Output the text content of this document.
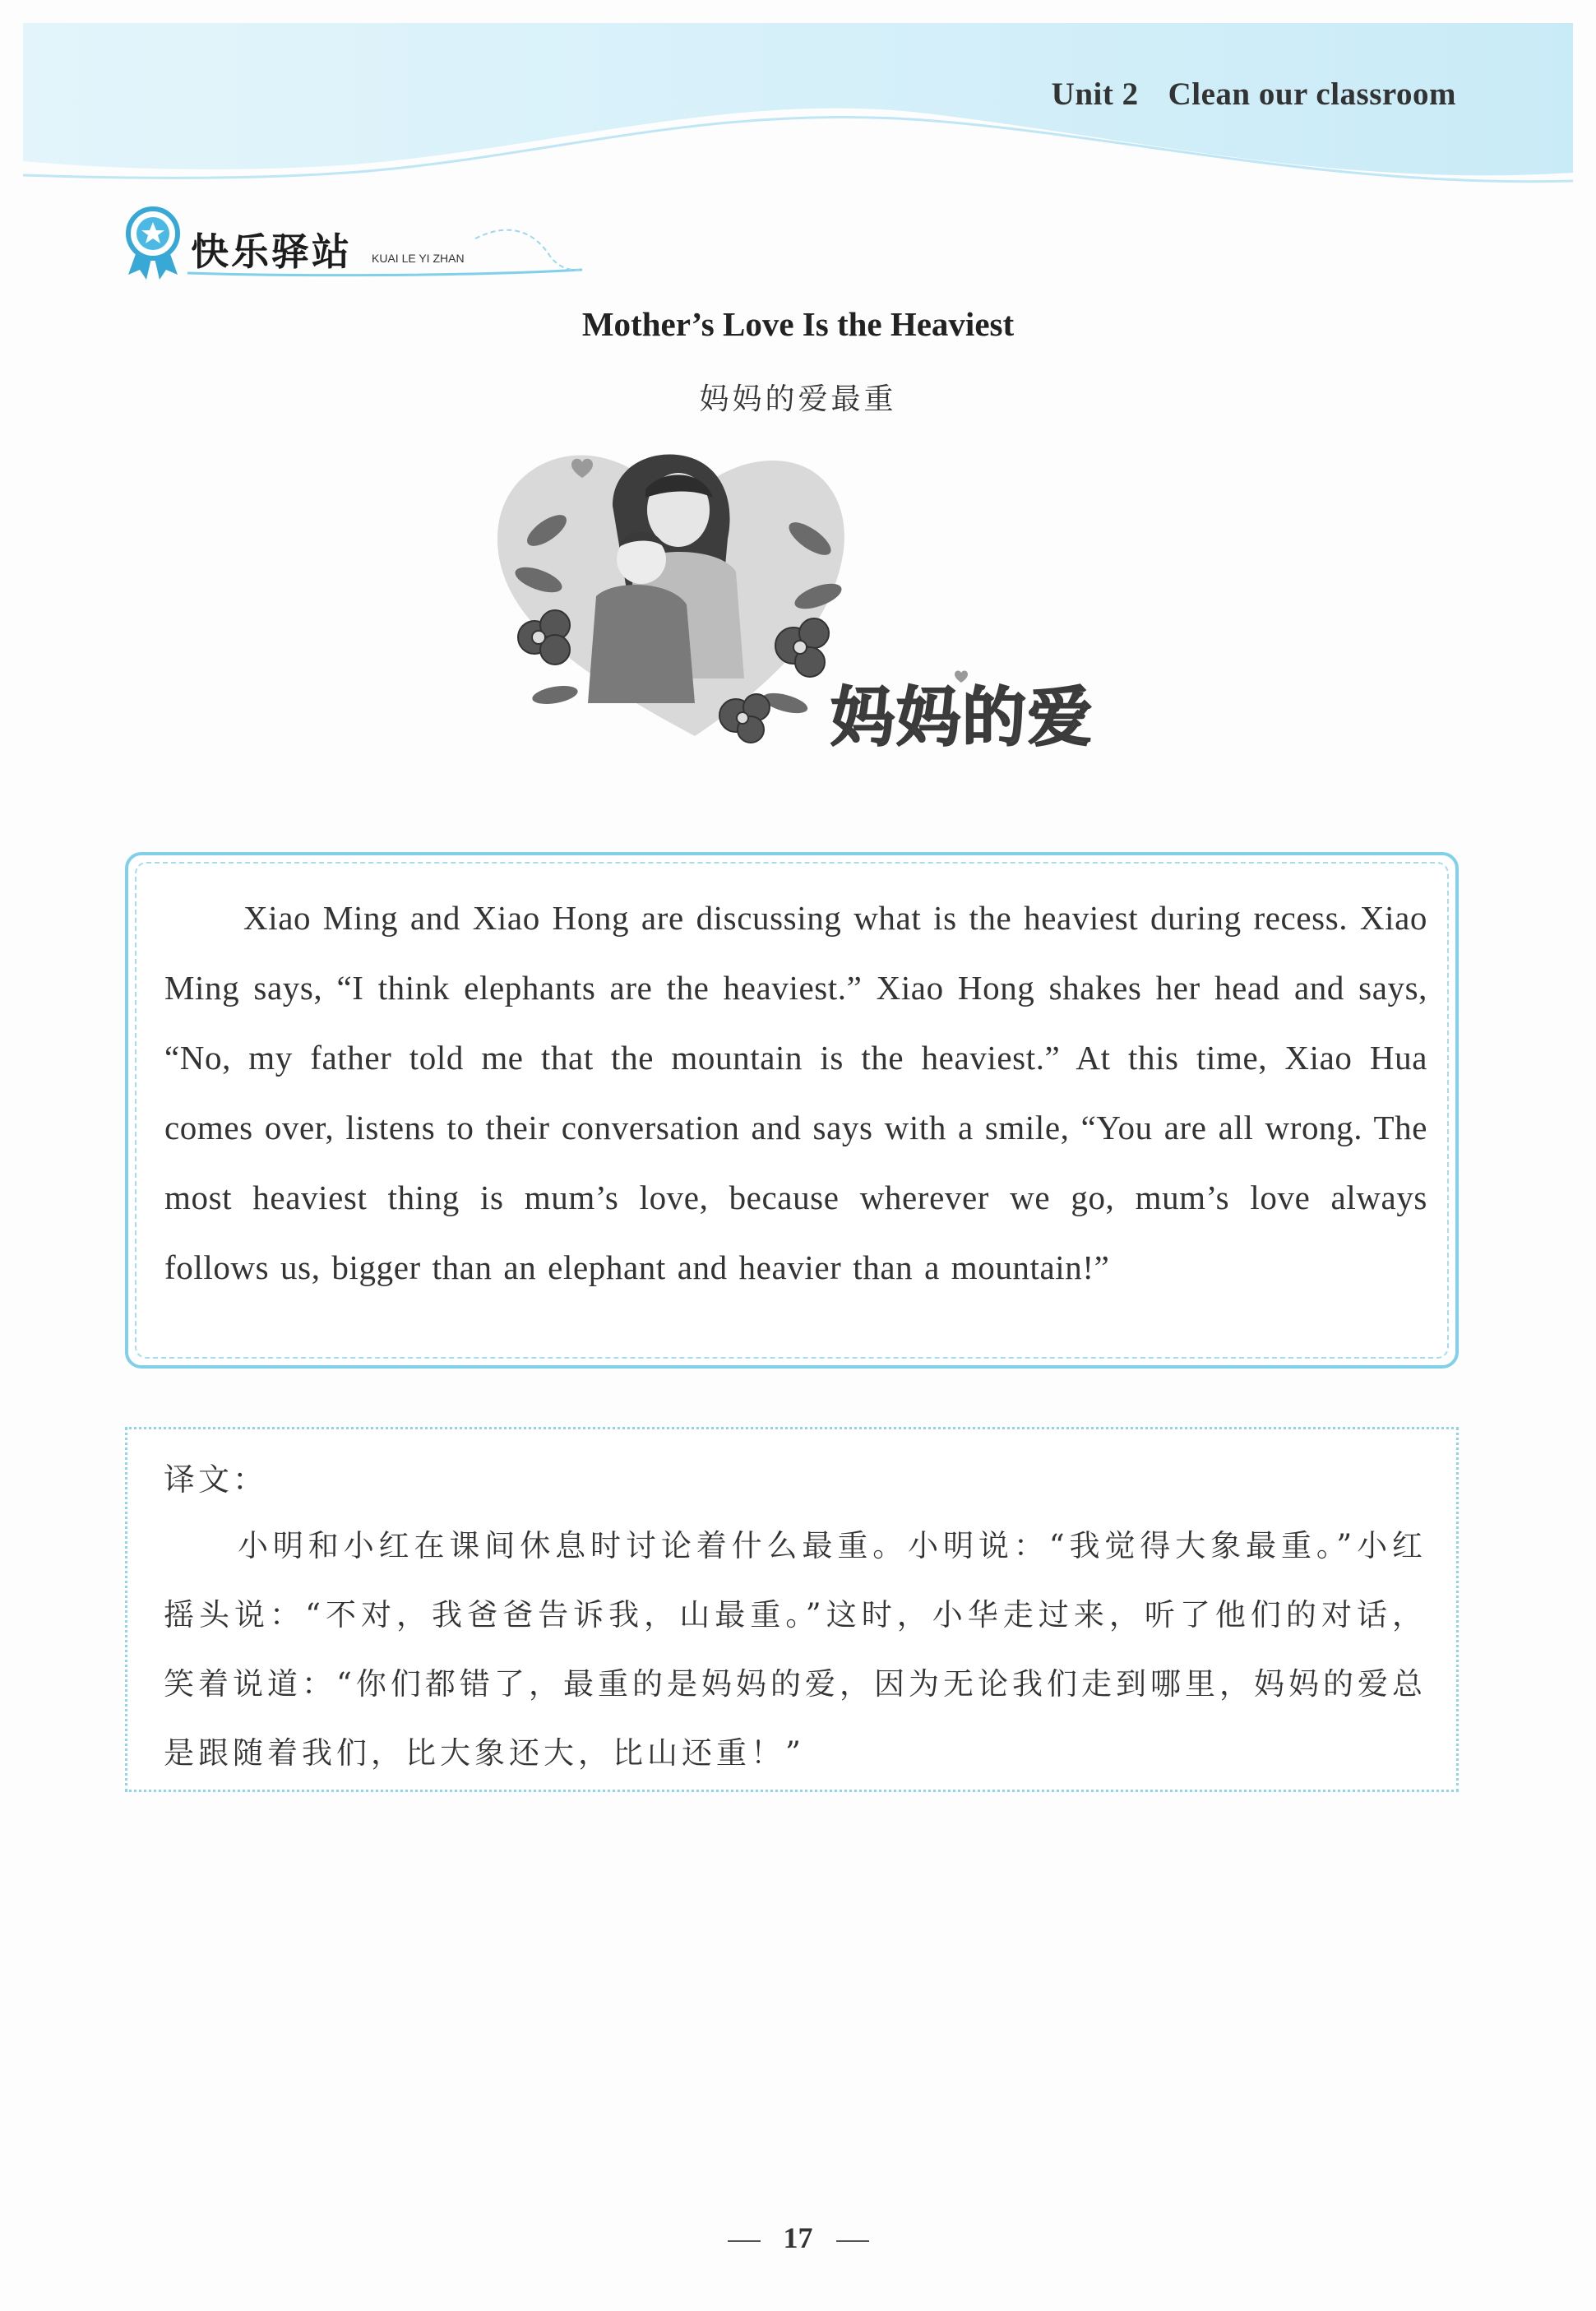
Unit 2 Clean our classroom
快乐驿站 KUAI LE YI ZHAN
Mother’s Love Is the Heaviest
妈妈的爱最重
妈妈的爱
Xiao Ming and Xiao Hong are discussing what is the heaviest during recess. Xiao Ming says, “I think elephants are the heaviest.” Xiao Hong shakes her head and says, “No, my father told me that the mountain is the heaviest.” At this time, Xiao Hua comes over, listens to their conversation and says with a smile, “You are all wrong. The most heaviest thing is mum’s love, because wherever we go, mum’s love always follows us, bigger than an elephant and heavier than a mountain!”
译文：
小明和小红在课间休息时讨论着什么最重。小明说：“我觉得大象最重。”小红摇头说：“不对，我爸爸告诉我，山最重。”这时，小华走过来，听了他们的对话，笑着说道：“你们都错了，最重的是妈妈的爱，因为无论我们走到哪里，妈妈的爱总是跟随着我们，比大象还大，比山还重！”
17
